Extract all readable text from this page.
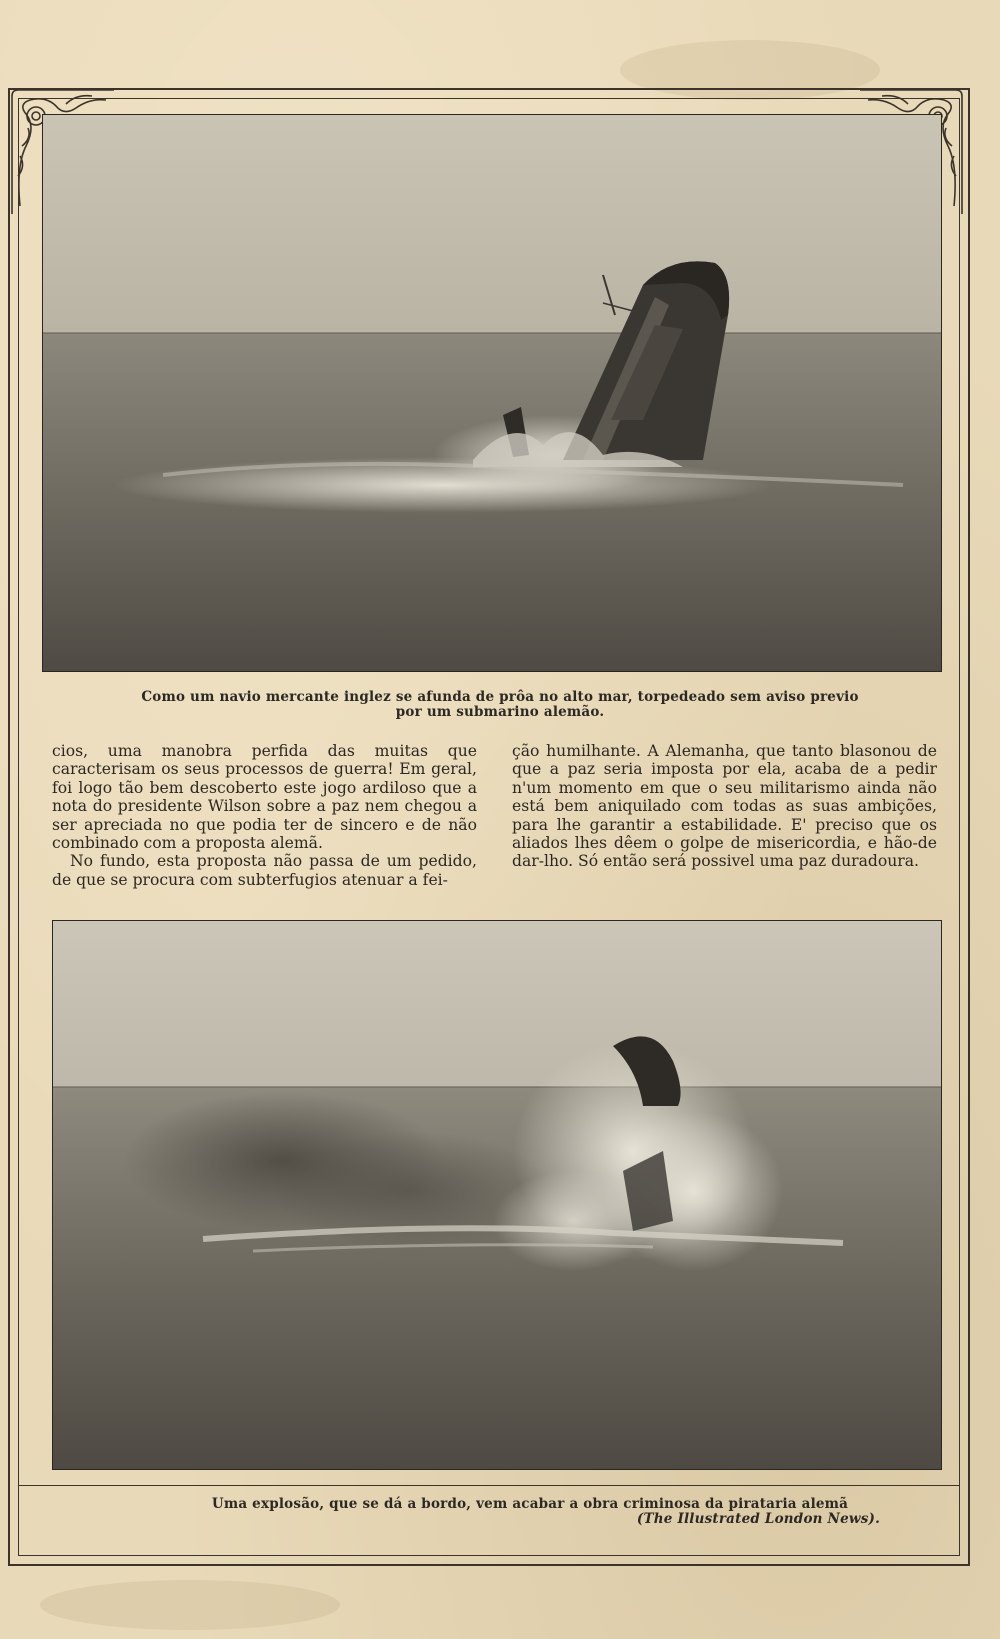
Como um navio mercante inglez se afunda de prôa no alto mar, torpedeado sem aviso previo
por um submarino alemão.

cios, uma manobra perfida das muitas que caracterisam os seus processos de guerra! Em geral, foi logo tão bem descoberto este jogo ardiloso que a nota do presidente Wilson sobre a paz nem chegou a ser apreciada no que podia ter de sincero e de não combinado com a proposta alemã.

No fundo, esta proposta não passa de um pedido, de que se procura com subterfugios atenuar a fei-

ção humilhante. A Alemanha, que tanto blasonou de que a paz seria imposta por ela, acaba de a pedir n'um momento em que o seu militarismo ainda não está bem aniquilado com todas as suas ambições, para lhe garantir a estabilidade. E' preciso que os aliados lhes dêem o golpe de misericordia, e hão-de dar-lho. Só então será possivel uma paz duradoura.

Uma explosão, que se dá a bordo, vem acabar a obra criminosa da pirataria alemã
(The Illustrated London News).
